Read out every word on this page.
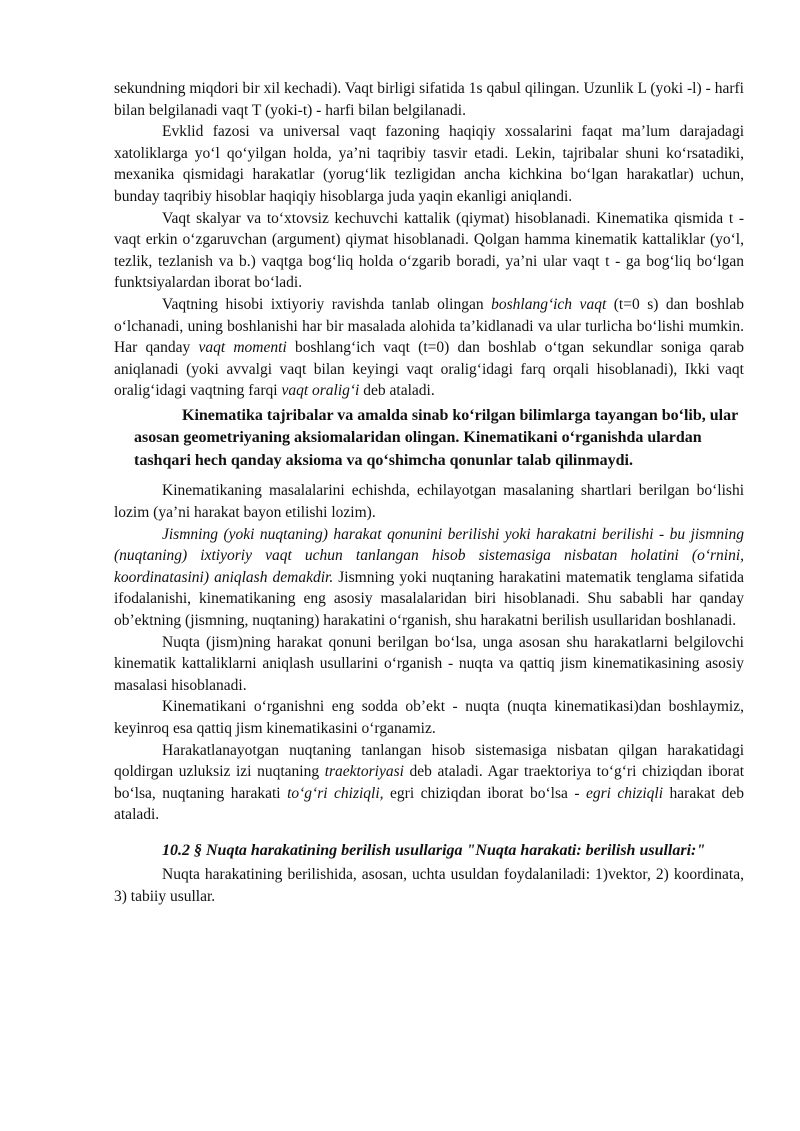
sekundning miqdori bir xil kechadi). Vaqt birligi sifatida 1s qabul qilingan. Uzunlik L (yoki -l) - harfi bilan belgilanadi vaqt T (yoki-t) - harfi bilan belgilanadi.

Evklid fazosi va universal vaqt fazoning haqiqiy xossalarini faqat ma’lum darajadagi xatoliklarga yo‘l qo‘yilgan holda, ya’ni taqribiy tasvir etadi. Lekin, tajribalar shuni ko‘rsatadiki, mexanika qismidagi harakatlar (yorug‘lik tezligidan ancha kichkina bo‘lgan harakatlar) uchun, bunday taqribiy hisoblar haqiqiy hisoblarga juda yaqin ekanligi aniqlandi.

Vaqt skalyar va to‘xtovsiz kechuvchi kattalik (qiymat) hisoblanadi. Kinematika qismida t - vaqt erkin o‘zgaruvchan (argument) qiymat hisoblanadi. Qolgan hamma kinematik kattaliklar (yo‘l, tezlik, tezlanish va b.) vaqtga bog‘liq holda o‘zgarib boradi, ya’ni ular vaqt t - ga bog‘liq bo‘lgan funktsiyalardan iborat bo‘ladi.

Vaqtning hisobi ixtiyoriy ravishda tanlab olingan boshlang‘ich vaqt (t=0 s) dan boshlab o‘lchanadi, uning boshlanishi har bir masalada alohida ta’kidlanadi va ular turlicha bo‘lishi mumkin. Har qanday vaqt momenti boshlang‘ich vaqt (t=0) dan boshlab o‘tgan sekundlar soniga qarab aniqlanadi (yoki avvalgi vaqt bilan keyingi vaqt oralig‘idagi farq orqali hisoblanadi), Ikki vaqt oralig‘idagi vaqtning farqi vaqt oralig‘i deb ataladi.

Kinematika tajribalar va amalda sinab ko‘rilgan bilimlarga tayangan bo‘lib, ular asosan geometriyaning aksiomalaridan olingan. Kinematikani o‘rganishda ulardan tashqari hech qanday aksioma va qo‘shimcha qonunlar talab qilinmaydi.

Kinematikaning masalalarini echishda, echilayotgan masalaning shartlari berilgan bo‘lishi lozim (ya’ni harakat bayon etilishi lozim).

Jismning (yoki nuqtaning) harakat qonunini berilishi yoki harakatni berilishi - bu jismning (nuqtaning) ixtiyoriy vaqt uchun tanlangan hisob sistemasiga nisbatan holatini (o‘rnini, koordinatasini) aniqlash demakdir. Jismning yoki nuqtaning harakatini matematik tenglama sifatida ifodalanishi, kinematikaning eng asosiy masalalaridan biri hisoblanadi. Shu sababli har qanday ob’ektning (jismning, nuqtaning) harakatini o‘rganish, shu harakatni berilish usullaridan boshlanadi.

Nuqta (jism)ning harakat qonuni berilgan bo‘lsa, unga asosan shu harakatlarni belgilovchi kinematik kattaliklarni aniqlash usullarini o‘rganish - nuqta va qattiq jism kinematikasining asosiy masalasi hisoblanadi.

Kinematikani o‘rganishni eng sodda ob’ekt - nuqta (nuqta kinematikasi)dan boshlaymiz, keyinroq esa qattiq jism kinematikasini o‘rganamiz.

Harakatlanayotgan nuqtaning tanlangan hisob sistemasiga nisbatan qilgan harakatidagi qoldirgan uzluksiz izi nuqtaning traektoriyasi deb ataladi. Agar traektoriya to‘g‘ri chiziqdan iborat bo‘lsa, nuqtaning harakati to‘g‘ri chiziqli, egri chiziqdan iborat bo‘lsa - egri chiziqli harakat deb ataladi.

10.2 § Nuqta harakatining berilish usullariga "Nuqta harakati: berilish usullari:"

Nuqta harakatining berilishida, asosan, uchta usuldan foydalaniladi: 1)vektor, 2) koordinata, 3) tabiiy usullar.
